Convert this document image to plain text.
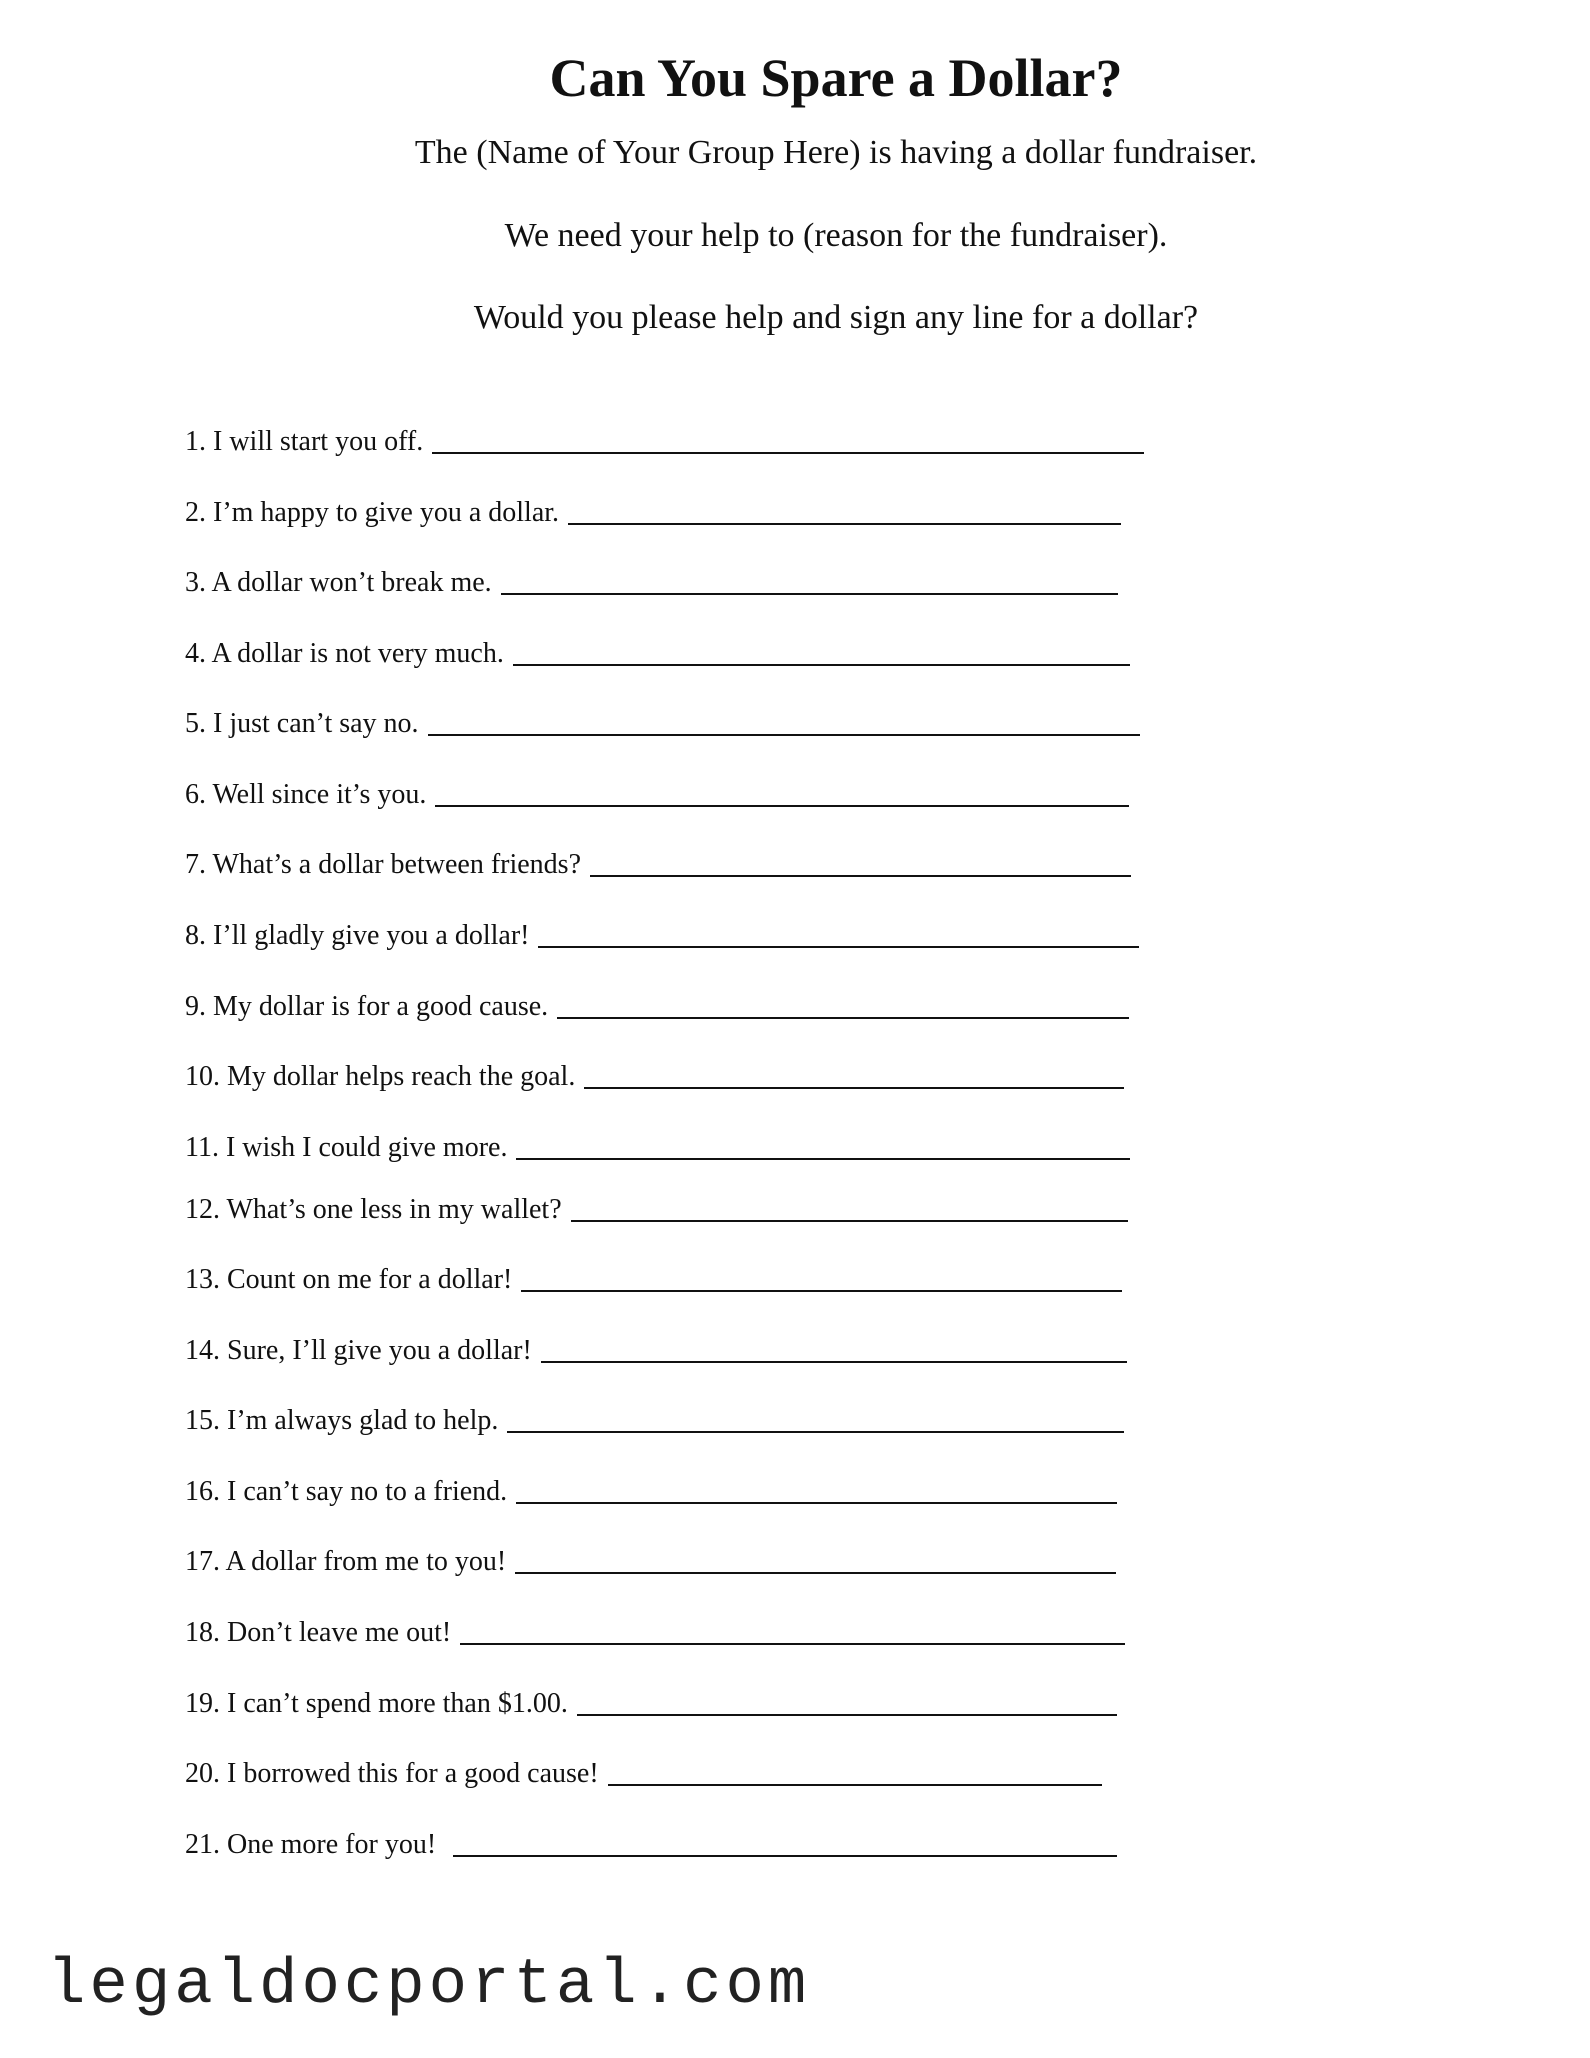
Can You Spare a Dollar?
The (Name of Your Group Here) is having a dollar fundraiser.
We need your help to (reason for the fundraiser).
Would you please help and sign any line for a dollar?
1. I will start you off.
2. I’m happy to give you a dollar.
3. A dollar won’t break me.
4. A dollar is not very much.
5. I just can’t say no.
6. Well since it’s you.
7. What’s a dollar between friends?
8. I’ll gladly give you a dollar!
9. My dollar is for a good cause.
10. My dollar helps reach the goal.
11. I wish I could give more.
12. What’s one less in my wallet?
13. Count on me for a dollar!
14. Sure, I’ll give you a dollar!
15. I’m always glad to help.
16. I can’t say no to a friend.
17. A dollar from me to you!
18. Don’t leave me out!
19. I can’t spend more than $1.00.
20. I borrowed this for a good cause!
21. One more for you!
legaldocportal.com
